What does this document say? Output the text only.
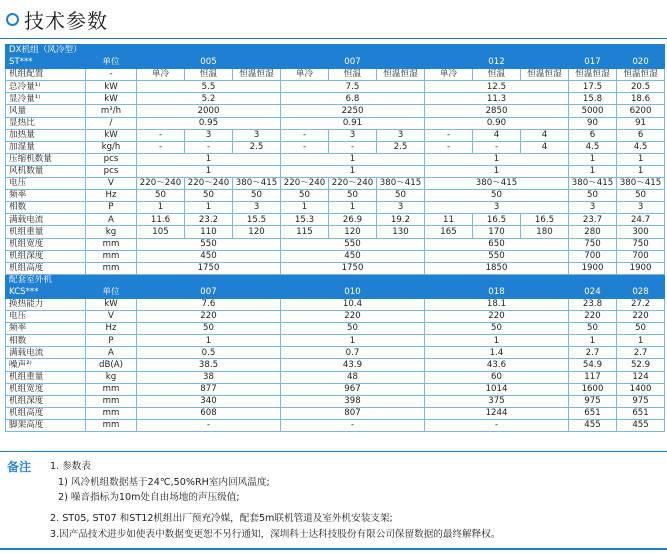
技术参数
DX机组（风冷型）												
ST***	单位	005			007			012			017	020
机组配置	-	单冷	恒温	恒温恒湿	单冷	恒温	恒温恒湿	单冷	恒温	恒温恒湿	恒温恒湿	恒温恒湿
总冷量¹⁾	kW	5.5			7.5			12.5			17.5	20.5
显冷量¹⁾	kW	5.2			6.8			11.3			15.8	18.6
风量	m³/h	2000			2250			2850			5000	6200
显热比	/	0.95			0.91			0.90			90	91
加热量	kW	-	3	3	-	3	3	-	4	4	6	6
加湿量	kg/h	-	-	2.5	-	-	2.5	-	-	4	4.5	4.5
压缩机数量	pcs	1			1			1			1	1
风机数量	pcs	1			1			1			1	1
电压	V	220～240	220～240	380～415	220～240	220～240	380～415	380～415			380～415	380～415
频率	Hz	50	50	50	50	50	50	50			50	50
相数	P	1	1	3	1	1	3	3			3	3
满载电流	A	11.6	23.2	15.5	15.3	26.9	19.2	11	16.5	16.5	23.7	24.7
机组重量	kg	105	110	120	115	120	130	165	170	180	280	300
机组宽度	mm	550			550			650			750	750
机组深度	mm	450			450			550			700	700
机组高度	mm	1750			1750			1850			1900	1900
配套室外机												
KCS***	单位	007			010			018			024	028
换热能力	kW	7.6			10.4			18.1			23.8	27.2
电压	V	220			220			220			220	220
频率	Hz	50			50			50			50	50
相数	P	1			1			1			1	1
满载电流	A	0.5			0.7			1.4			2.7	2.7
噪声²⁾	dB(A)	38.5			43.9			43.6			54.9	52.9
机组重量	kg	38			48			60			117	124
机组宽度	mm	877			967			1014			1600	1400
机组深度	mm	340			398			375			975	975
机组高度	mm	608			807			1244			651	651
脚架高度	mm	-			-			-			455	455
备注 1. 参数表
1) 风冷机组数据基于24℃,50%RH室内回风温度;
2) 噪音指标为10m处自由场地的声压级值;
2. ST05, ST07 和ST12机组出厂预充冷媒，配套5m联机管道及室外机安装支架;
3.因产品技术进步如使表中数据变更恕不另行通知，深圳科士达科技股份有限公司保留数据的最终解释权。
